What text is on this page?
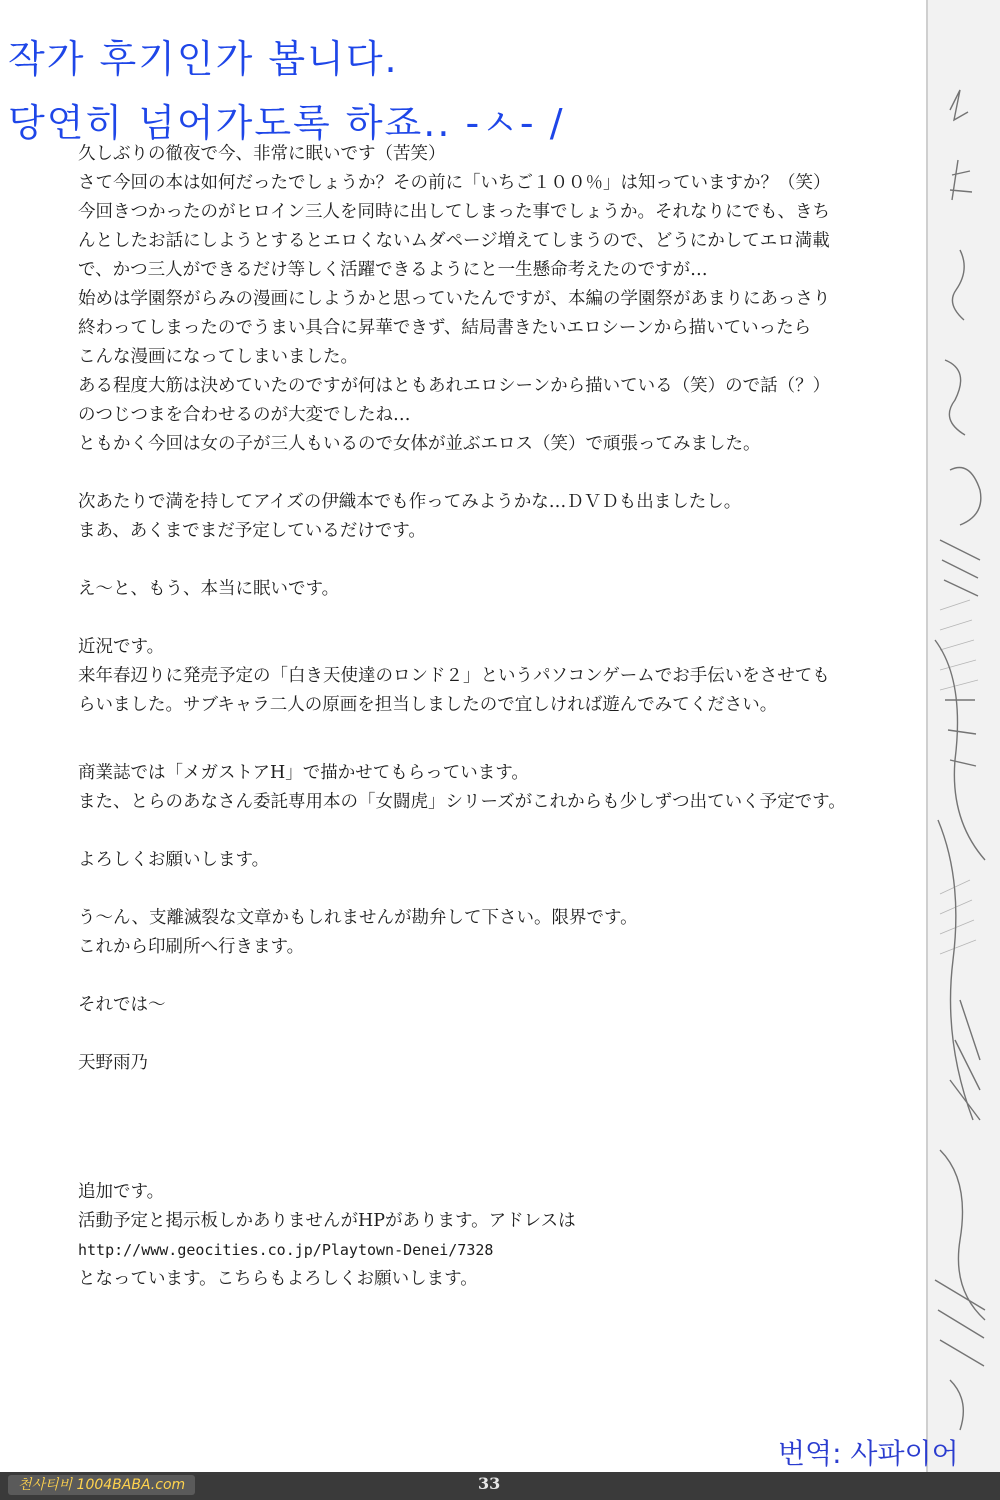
작가 후기인가 봅니다.
당연히 넘어가도록 하죠.. -ㅅ- /
久しぶりの徹夜で今、非常に眠いです（苦笑）
さて今回の本は如何だったでしょうか？その前に「いちご１００％」は知っていますか？（笑）
今回きつかったのがヒロイン三人を同時に出してしまった事でしょうか。それなりにでも、きち
んとしたお話にしようとするとエロくないムダページ増えてしまうので、どうにかしてエロ満載
で、かつ三人ができるだけ等しく活躍できるようにと一生懸命考えたのですが…
始めは学園祭がらみの漫画にしようかと思っていたんですが、本編の学園祭があまりにあっさり
終わってしまったのでうまい具合に昇華できず、結局書きたいエロシーンから描いていったら
こんな漫画になってしまいました。
ある程度大筋は決めていたのですが何はともあれエロシーンから描いている（笑）ので話（？）
のつじつまを合わせるのが大変でしたね…
ともかく今回は女の子が三人もいるので女体が並ぶエロス（笑）で頑張ってみました。
次あたりで満を持してアイズの伊織本でも作ってみようかな…ＤＶＤも出ましたし。
まあ、あくまでまだ予定しているだけです。
え〜と、もう、本当に眠いです。
近況です。
来年春辺りに発売予定の「白き天使達のロンド２」というパソコンゲームでお手伝いをさせても
らいました。サブキャラ二人の原画を担当しましたので宜しければ遊んでみてください。
商業誌では「メガストアH」で描かせてもらっています。
また、とらのあなさん委託専用本の「女闘虎」シリーズがこれからも少しずつ出ていく予定です。
よろしくお願いします。
う〜ん、支離滅裂な文章かもしれませんが勘弁して下さい。限界です。
これから印刷所へ行きます。
それでは〜
天野雨乃
追加です。
活動予定と掲示板しかありませんがHPがあります。アドレスは
http://www.geocities.co.jp/Playtown-Denei/7328
となっています。こちらもよろしくお願いします。
번역: 사파이어
천사티비 1004BABA.com	33
